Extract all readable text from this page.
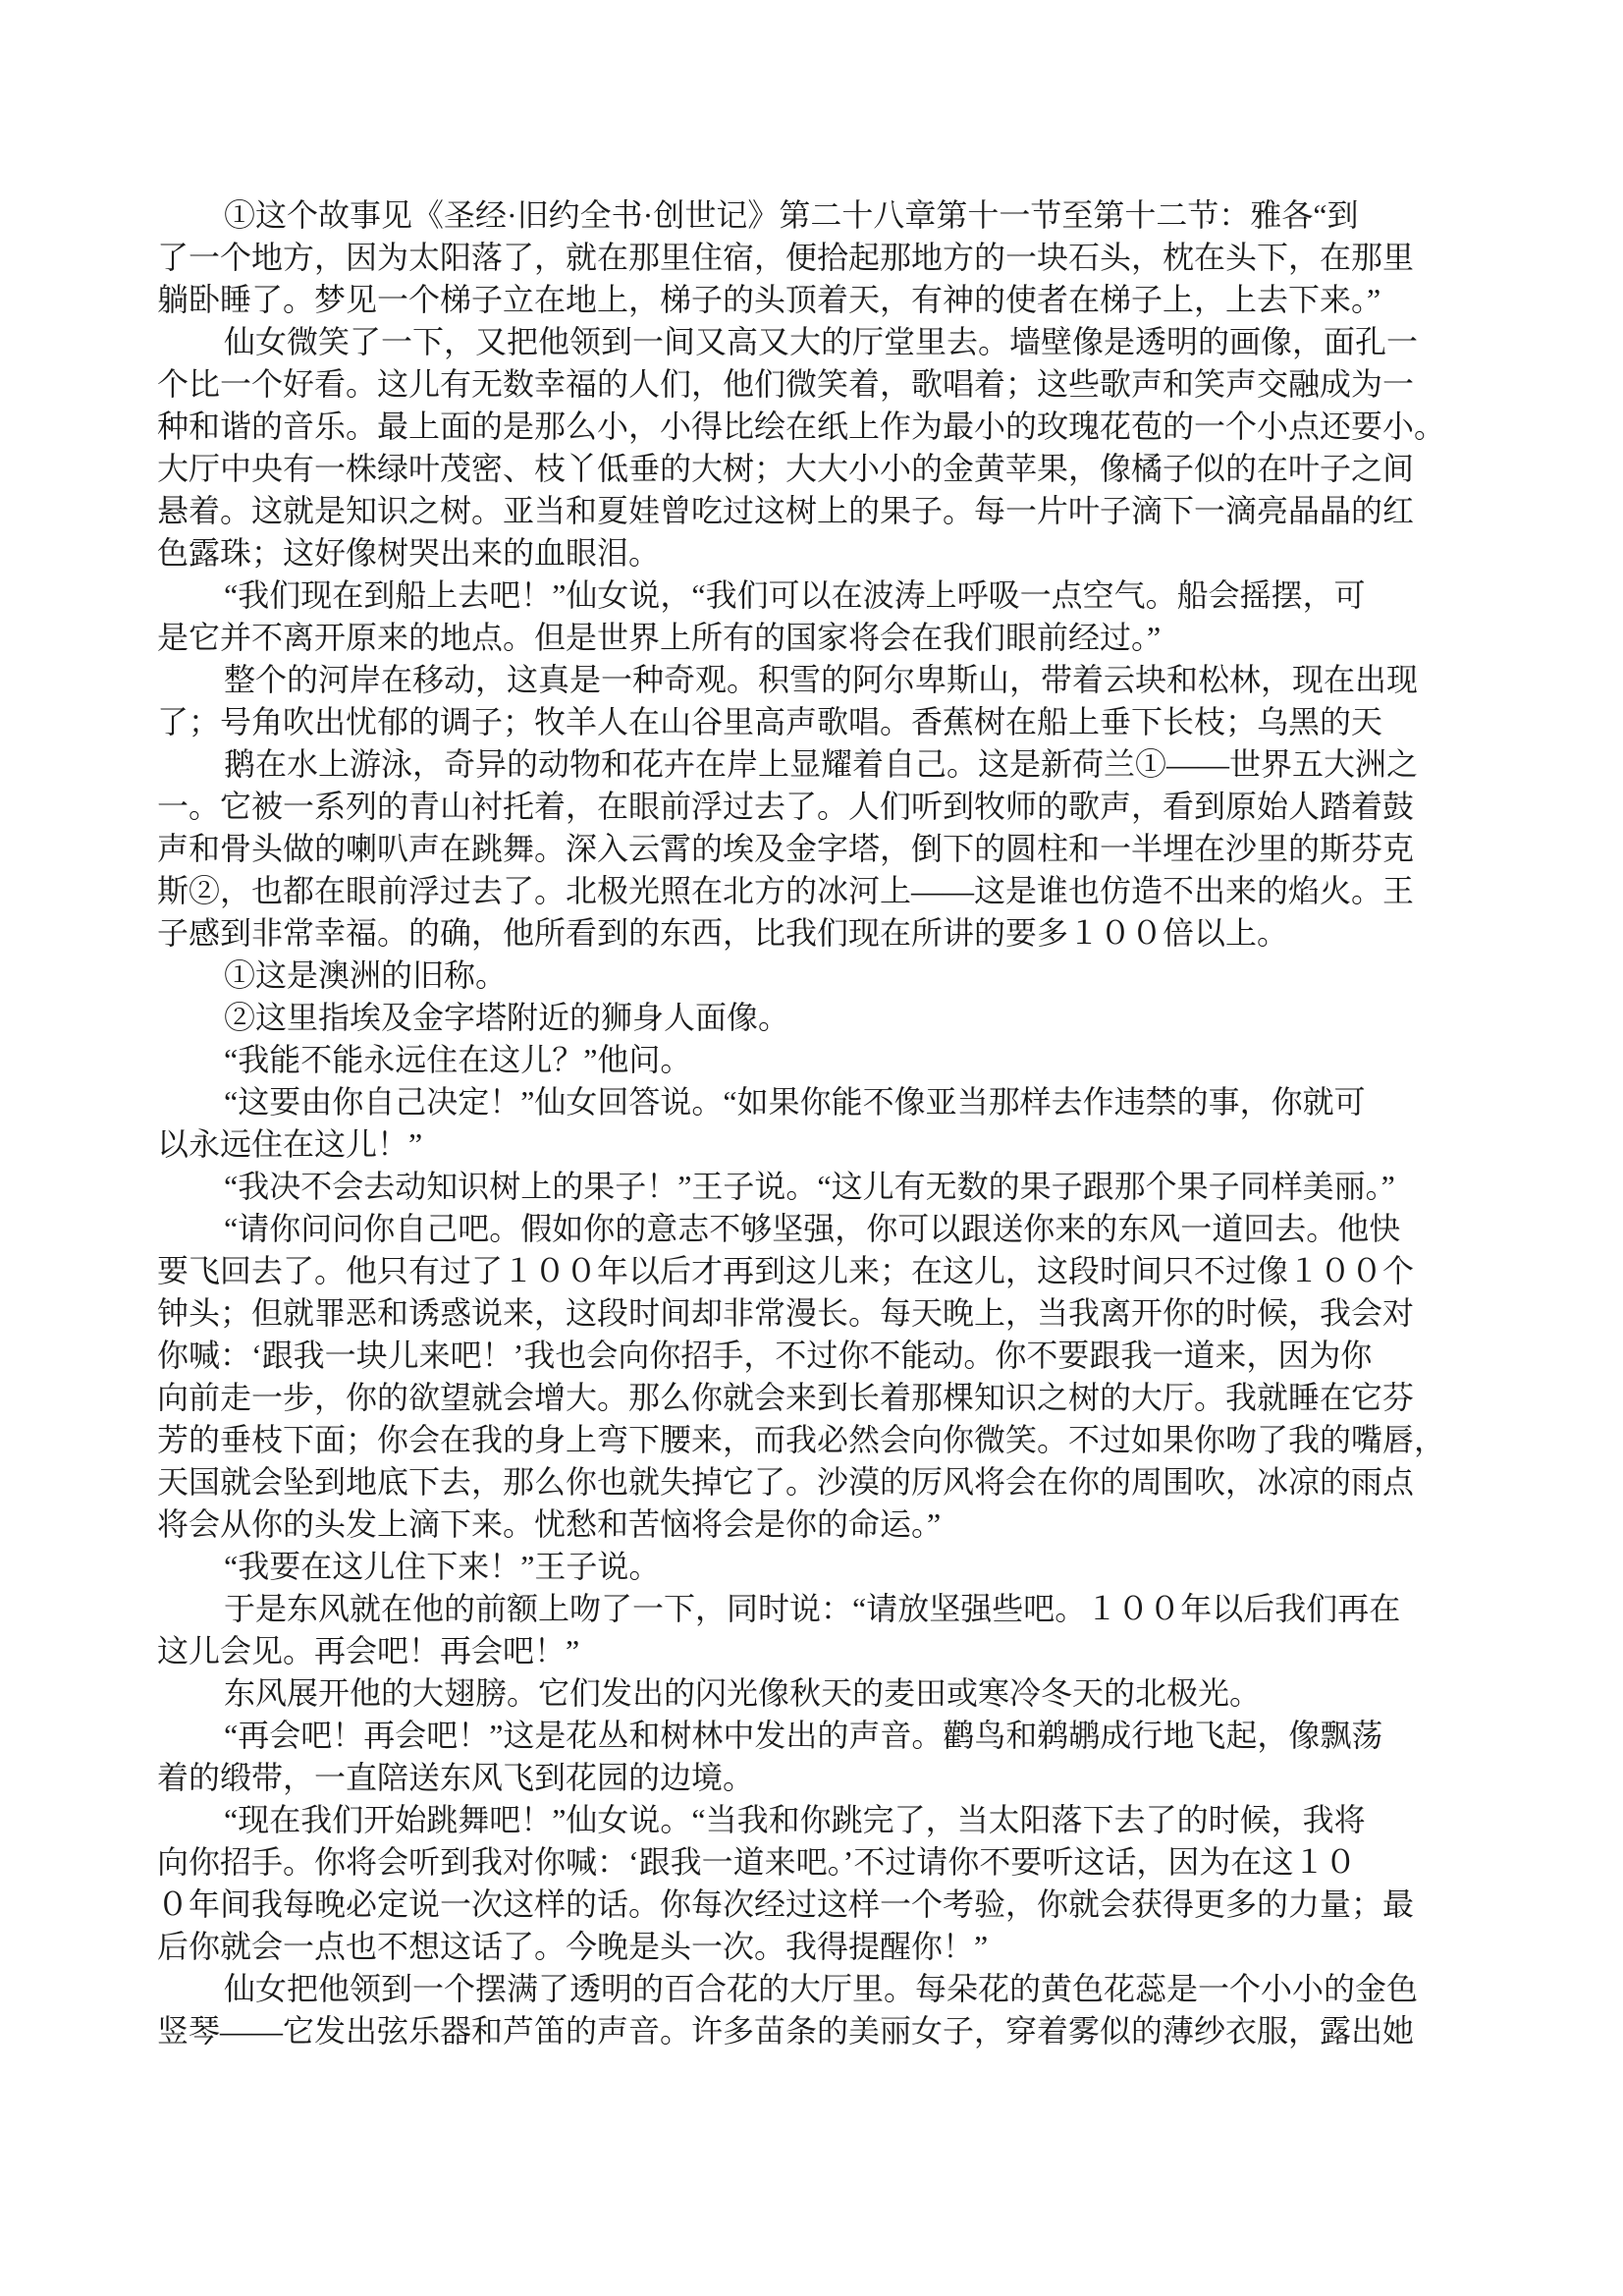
①这个故事见《圣经·旧约全书·创世记》第二十八章第十一节至第十二节：雅各“到
了一个地方，因为太阳落了，就在那里住宿，便拾起那地方的一块石头，枕在头下，在那里
躺卧睡了。梦见一个梯子立在地上，梯子的头顶着天，有神的使者在梯子上，上去下来。”
仙女微笑了一下，又把他领到一间又高又大的厅堂里去。墙壁像是透明的画像，面孔一
个比一个好看。这儿有无数幸福的人们，他们微笑着，歌唱着；这些歌声和笑声交融成为一
种和谐的音乐。最上面的是那么小，小得比绘在纸上作为最小的玫瑰花苞的一个小点还要小。
大厅中央有一株绿叶茂密、枝丫低垂的大树；大大小小的金黄苹果，像橘子似的在叶子之间
悬着。这就是知识之树。亚当和夏娃曾吃过这树上的果子。每一片叶子滴下一滴亮晶晶的红
色露珠；这好像树哭出来的血眼泪。
“我们现在到船上去吧！”仙女说，“我们可以在波涛上呼吸一点空气。船会摇摆，可
是它并不离开原来的地点。但是世界上所有的国家将会在我们眼前经过。”
整个的河岸在移动，这真是一种奇观。积雪的阿尔卑斯山，带着云块和松林，现在出现
了；号角吹出忧郁的调子；牧羊人在山谷里高声歌唱。香蕉树在船上垂下长枝；乌黑的天
鹅在水上游泳，奇异的动物和花卉在岸上显耀着自己。这是新荷兰①——世界五大洲之
一。它被一系列的青山衬托着，在眼前浮过去了。人们听到牧师的歌声，看到原始人踏着鼓
声和骨头做的喇叭声在跳舞。深入云霄的埃及金字塔，倒下的圆柱和一半埋在沙里的斯芬克
斯②，也都在眼前浮过去了。北极光照在北方的冰河上——这是谁也仿造不出来的焰火。王
子感到非常幸福。的确，他所看到的东西，比我们现在所讲的要多１００倍以上。
①这是澳洲的旧称。
②这里指埃及金字塔附近的狮身人面像。
“我能不能永远住在这儿？”他问。
“这要由你自己决定！”仙女回答说。“如果你能不像亚当那样去作违禁的事，你就可
以永远住在这儿！”
“我决不会去动知识树上的果子！”王子说。“这儿有无数的果子跟那个果子同样美丽。”
“请你问问你自己吧。假如你的意志不够坚强，你可以跟送你来的东风一道回去。他快
要飞回去了。他只有过了１００年以后才再到这儿来；在这儿，这段时间只不过像１００个
钟头；但就罪恶和诱惑说来，这段时间却非常漫长。每天晚上，当我离开你的时候，我会对
你喊：‘跟我一块儿来吧！’我也会向你招手，不过你不能动。你不要跟我一道来，因为你
向前走一步，你的欲望就会增大。那么你就会来到长着那棵知识之树的大厅。我就睡在它芬
芳的垂枝下面；你会在我的身上弯下腰来，而我必然会向你微笑。不过如果你吻了我的嘴唇，
天国就会坠到地底下去，那么你也就失掉它了。沙漠的厉风将会在你的周围吹，冰凉的雨点
将会从你的头发上滴下来。忧愁和苦恼将会是你的命运。”
“我要在这儿住下来！”王子说。
于是东风就在他的前额上吻了一下，同时说：“请放坚强些吧。１００年以后我们再在
这儿会见。再会吧！再会吧！”
东风展开他的大翅膀。它们发出的闪光像秋天的麦田或寒冷冬天的北极光。
“再会吧！再会吧！”这是花丛和树林中发出的声音。鹳鸟和鹈鹕成行地飞起，像飘荡
着的缎带，一直陪送东风飞到花园的边境。
“现在我们开始跳舞吧！”仙女说。“当我和你跳完了，当太阳落下去了的时候，我将
向你招手。你将会听到我对你喊：‘跟我一道来吧。’不过请你不要听这话，因为在这１０
０年间我每晚必定说一次这样的话。你每次经过这样一个考验，你就会获得更多的力量；最
后你就会一点也不想这话了。今晚是头一次。我得提醒你！”
仙女把他领到一个摆满了透明的百合花的大厅里。每朵花的黄色花蕊是一个小小的金色
竖琴——它发出弦乐器和芦笛的声音。许多苗条的美丽女子，穿着雾似的薄纱衣服，露出她
